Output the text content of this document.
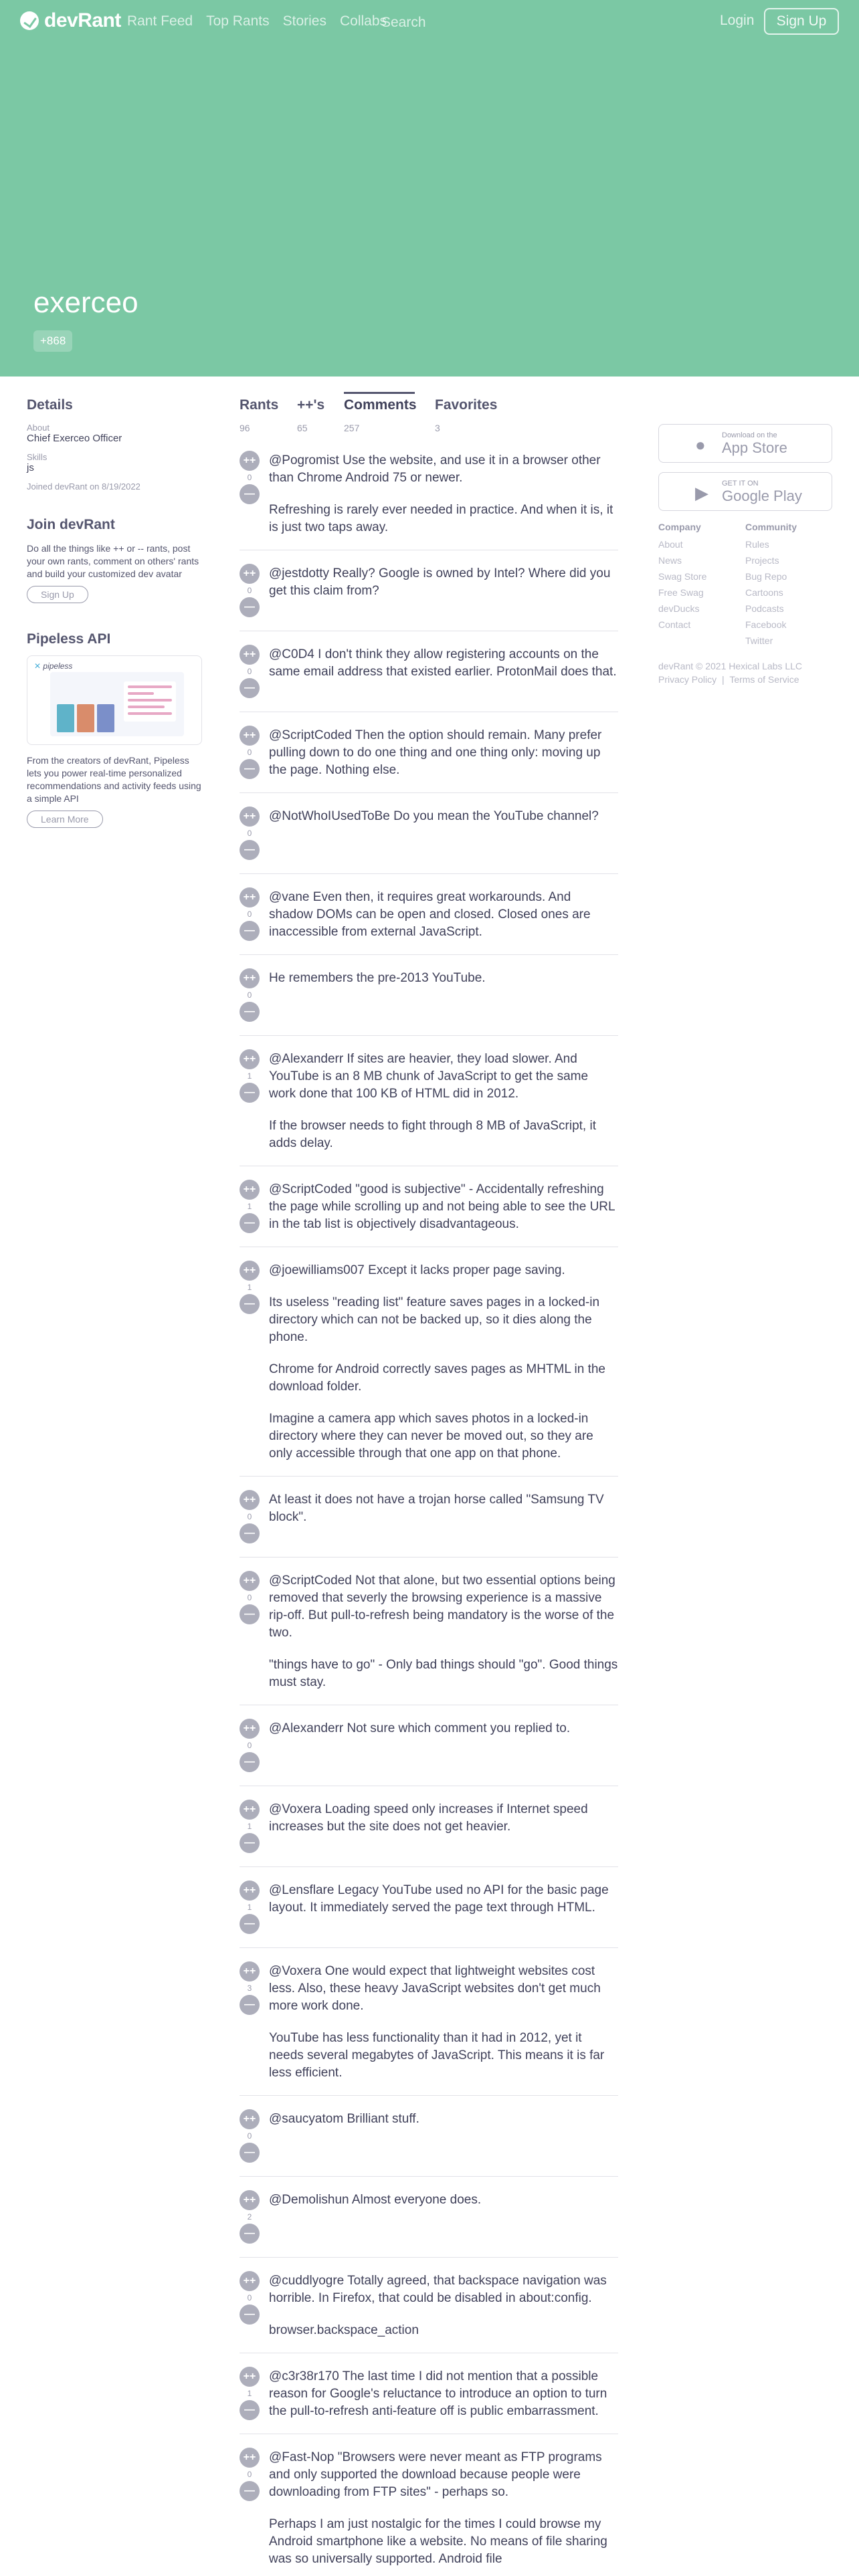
devRant Rant Feed Top Rants Stories Collabs
Search	Login	Sign Up
exerceo
+868
Details
About
Chief Exerceo Officer
Skills
js
Joined devRant on 8/19/2022
Join devRant
Do all the things like ++ or -- rants, post your own rants, comment on others' rants and build your customized dev avatar
Sign Up
Pipeless API
✕ pipeless
From the creators of devRant, Pipeless lets you power real-time personalized recommendations and activity feeds using a simple API
Learn More
Rants
96
++'s
65
Comments
257
Favorites
3
++
0
—

@Pogromist Use the website, and use it in a browser other than Chrome Android 75 or newer.

Refreshing is rarely ever needed in practice. And when it is, it is just two taps away.

++
0
—

@jestdotty Really? Google is owned by Intel? Where did you get this claim from?

++
0
—

@C0D4 I don't think they allow registering accounts on the same email address that existed earlier. ProtonMail does that.

++
0
—

@ScriptCoded Then the option should remain. Many prefer pulling down to do one thing and one thing only: moving up the page. Nothing else.

++
0
—

@NotWhoIUsedToBe Do you mean the YouTube channel?

++
0
—

@vane Even then, it requires great workarounds. And shadow DOMs can be open and closed. Closed ones are inaccessible from external JavaScript.

++
0
—

He remembers the pre-2013 YouTube.

++
1
—

@Alexanderr If sites are heavier, they load slower. And YouTube is an 8 MB chunk of JavaScript to get the same work done that 100 KB of HTML did in 2012.

If the browser needs to fight through 8 MB of JavaScript, it adds delay.

++
1
—

@ScriptCoded "good is subjective" - Accidentally refreshing the page while scrolling up and not being able to see the URL in the tab list is objectively disadvantageous.

++
1
—

@joewilliams007 Except it lacks proper page saving.

Its useless "reading list" feature saves pages in a locked-in directory which can not be backed up, so it dies along the phone.

Chrome for Android correctly saves pages as MHTML in the download folder.

Imagine a camera app which saves photos in a locked-in directory where they can never be moved out, so they are only accessible through that one app on that phone.

++
0
—

At least it does not have a trojan horse called "Samsung TV block".

++
0
—

@ScriptCoded Not that alone, but two essential options being removed that severly the browsing experience is a massive rip-off. But pull-to-refresh being mandatory is the worse of the two.

"things have to go" - Only bad things should "go". Good things must stay.

++
0
—

@Alexanderr Not sure which comment you replied to.

++
1
—

@Voxera Loading speed only increases if Internet speed increases but the site does not get heavier.

++
1
—

@Lensflare Legacy YouTube used no API for the basic page layout. It immediately served the page text through HTML.

++
3
—

@Voxera One would expect that lightweight websites cost less. Also, these heavy JavaScript websites don't get much more work done.

YouTube has less functionality than it had in 2012, yet it needs several megabytes of JavaScript. This means it is far less efficient.

++
0
—

@saucyatom Brilliant stuff.

++
2
—

@Demolishun Almost everyone does.

++
0
—

@cuddlyogre Totally agreed, that backspace navigation was horrible. In Firefox, that could be disabled in about:config.

browser.backspace_action

++
1
—

@c3r38r170 The last time I did not mention that a possible reason for Google's reluctance to introduce an option to turn the pull-to-refresh anti-feature off is public embarrassment.

++
0
—

@Fast-Nop "Browsers were never meant as FTP programs and only supported the download because people were downloading from FTP sites" - perhaps so.

Perhaps I am just nostalgic for the times I could browse my Android smartphone like a website. No means of file sharing was so universally supported. Android file

● Download on the
App Store
▶ GET IT ON
Google Play
Company
About
News
Swag Store
Free Swag
devDucks
Contact
Community
Rules
Projects
Bug Repo
Cartoons
Podcasts
Facebook
Twitter
devRant © 2021 Hexical Labs LLC
Privacy Policy | Terms of Service
